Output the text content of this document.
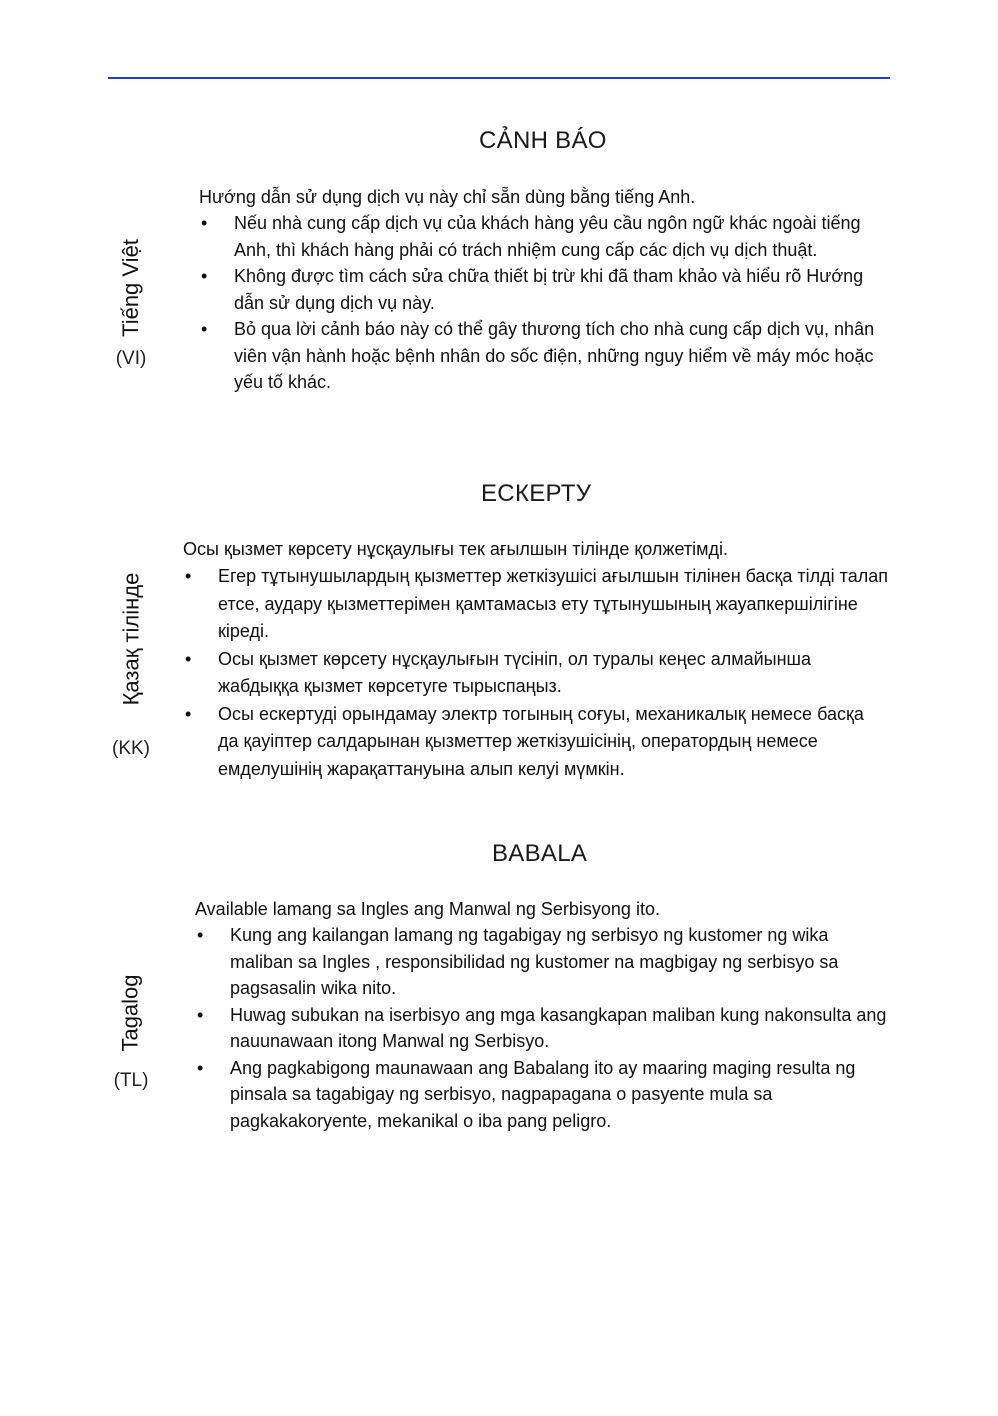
Tiếng Việt
(VI)
CẢNH BÁO
Hướng dẫn sử dụng dịch vụ này chỉ sẵn dùng bằng tiếng Anh.
• Nếu nhà cung cấp dịch vụ của khách hàng yêu cầu ngôn ngữ khác ngoài tiếng Anh, thì khách hàng phải có trách nhiệm cung cấp các dịch vụ dịch thuật.
• Không được tìm cách sửa chữa thiết bị trừ khi đã tham khảo và hiểu rõ Hướng dẫn sử dụng dịch vụ này.
• Bỏ qua lời cảnh báo này có thể gây thương tích cho nhà cung cấp dịch vụ, nhân viên vận hành hoặc bệnh nhân do sốc điện, những nguy hiểm về máy móc hoặc yếu tố khác.
Қазақ тілінде
(KK)
ЕСКЕРТУ
Осы қызмет көрсету нұсқаулығы тек ағылшын тілінде қолжетімді.
• Егер тұтынушылардың қызметтер жеткізушісі ағылшын тілінен басқа тілді талап етсе, аудару қызметтерімен қамтамасыз ету тұтынушының жауапкершілігіне кіреді.
• Осы қызмет көрсету нұсқаулығын түсініп, ол туралы кеңес алмайынша жабдыққа қызмет көрсетуге тырыспаңыз.
• Осы ескертуді орындамау электр тогының соғуы, механикалық немесе басқа да қауіптер салдарынан қызметтер жеткізушісінің, оператордың немесе емделушінің жарақаттануына алып келуі мүмкін.
Tagalog
(TL)
BABALA
Available lamang sa Ingles ang Manwal ng Serbisyong ito.
• Kung ang kailangan lamang ng tagabigay ng serbisyo ng kustomer ng wika maliban sa Ingles , responsibilidad ng kustomer na magbigay ng serbisyo sa pagsasalin wika nito.
• Huwag subukan na iserbisyo ang mga kasangkapan maliban kung nakonsulta ang nauunawaan itong Manwal ng Serbisyo.
• Ang pagkabigong maunawaan ang Babalang ito ay maaring maging resulta ng pinsala sa tagabigay ng serbisyo, nagpapagana o pasyente mula sa pagkakakoryente, mekanikal o iba pang peligro.
